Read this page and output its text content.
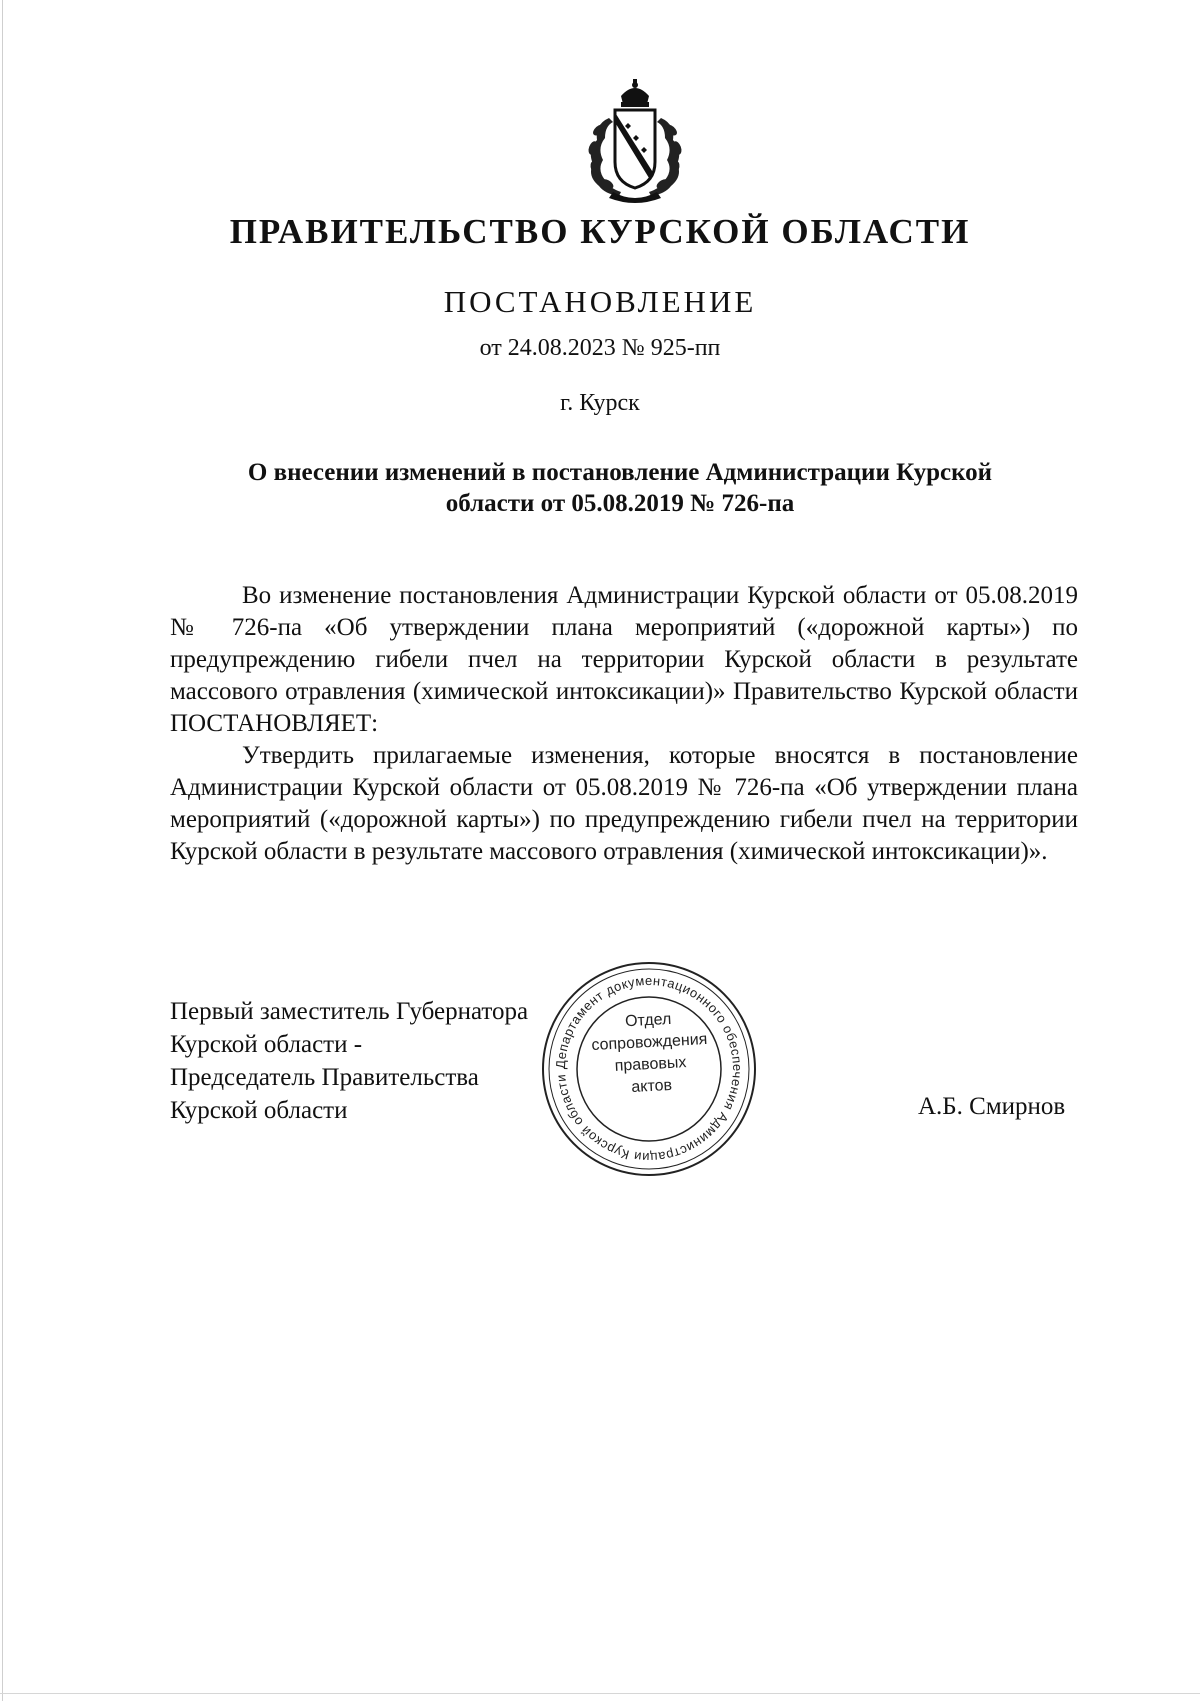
ПРАВИТЕЛЬСТВО КУРСКОЙ ОБЛАСТИ
ПОСТАНОВЛЕНИЕ
от 24.08.2023 № 925-пп
г. Курск
О внесении изменений в постановление Администрации Курской
области от 05.08.2019 № 726-па

Во изменение постановления Администрации Курской области от 05.08.2019 № 726-па «Об утверждении плана мероприятий («дорожной карты») по предупреждению гибели пчел на территории Курской области в результате массового отравления (химической интоксикации)» Правительство Курской области ПОСТАНОВЛЯЕТ:

Утвердить прилагаемые изменения, которые вносятся в постановление Администрации Курской области от 05.08.2019 № 726-па «Об утверждении плана мероприятий («дорожной карты») по предупреждению гибели пчел на территории Курской области в результате массового отравления (химической интоксикации)».

Первый заместитель Губернатора
Курской области -
Председатель Правительства
Курской области
Департамент документационного обеспечения Администрации Курской области
Отдел
сопровождения
правовых
актов
А.Б. Смирнов
